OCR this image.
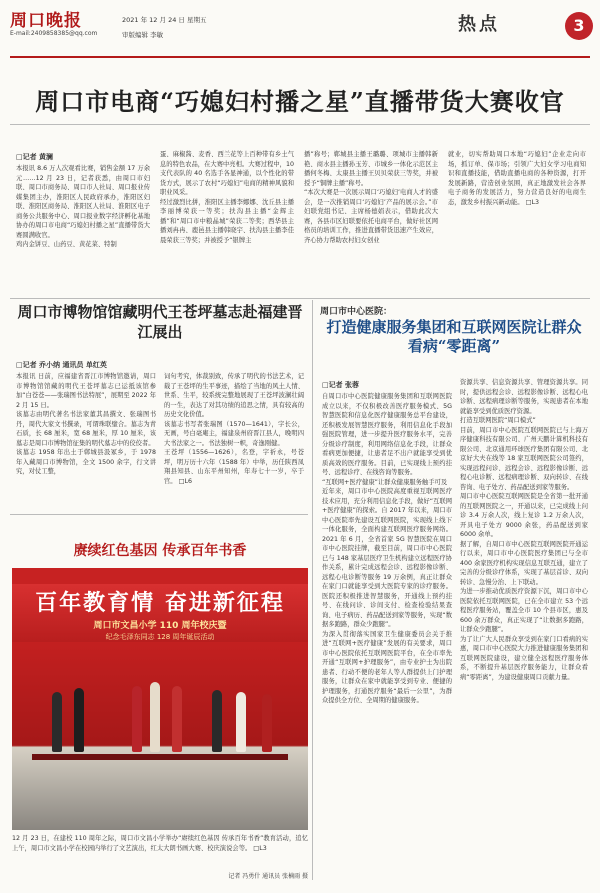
周口晚报
E-mail:2409858385@qq.com
2021 年 12 月 24 日 星期五
审版编辑 李敏	热点	3
周口市电商“巧媳妇村播之星”直播带货大赛收官
□记者 黄澜
本报讯 8.6 万人次观看比赛，销售金额 17 万余元……12 月 23 日，记者获悉，由周口市妇联、周口市商务局、周口市人社局、周口报业传媒集团主办，淮阳区人民政府承办，淮阳区妇联、淮阳区商务局、淮阳区人社局、淮阳区电子商务公共服务中心、周口报业数字经济孵化基地协办的周口市电商“巧媳妇村播之星”直播带货大赛圆满收官。
鸡内金饼豆、山药豆、黄花菜、特制
蛋、麻椒酱、麦香、西兰花等上百种带有乡土气息的特色农品，在大赛中亮相。大赛过程中，10 支代表队的 40 名选手各显神通，以个性化的带货方式，展示了农村“巧媳妇”电商的精神风貌和职业风采。
经过激烈比拼，淮阳区主播李娜娜、沈丘县主播李丽博荣获一等奖；扶沟县主播“金辉主播”和“周口市中粮晶城”荣获二等奖；西华县主播刘冉冉、鹿邑县主播韩晓宇、扶沟县主播李佳晨荣获三等奖；并被授予“银牌主
播”称号；郸城县主播王璐璐、项城市主播韩新艳、商水县主播孙玉芳、市城乡一体化示范区主播何冬梅、太康县主播王贝贝荣获三等奖，并被授予“铜牌主播”称号。
“本次大赛是一次展示周口‘巧媳妇’电商人才的盛会，是一次推销周口‘巧媳妇’产品的展示会。”市妇联党组书记、主席杨德娟表示，借助此次大赛，各县市区妇联要依托电商平台，做好社区网格员的培训工作，推进直播带货迅速产生效应，齐心协力帮助农村妇女创业
就业，切实帮助周口本地“巧媳妇”企业走向市场，抓订单、保市场；引领广大妇女学习电商知识和直播技能，借助直播电商的各种资源，打开发展新路，营造创业氛围，真正地激发社会各界电子商务的发展活力，努力营造良好的电商生态，激发乡村振兴新动能。 □L3
周口市博物馆馆藏明代王苍坪墓志赴福建晋江展出
□记者 乔小纳 通讯员 单红英
本报讯 日前，应福建省晋江市博物馆邀请，周口市博物馆馆藏的明代王苍坪墓志已运抵该馆参加“白苍苍——张瑞图书法特展”，展期至 2022 年 2 月 15 日。
该墓志由明代著名书法家董其昌撰文、张瑞图书丹，周代大家文书撰录，可谓珠联璧合。墓志为青石质，长 68 厘米，宽 68 厘米，厚 10 厘米，该墓志是周口市博物馆征集的明代墓志中的佼佼者。
该墓志 1958 年出土于郸城县汲冢乡，于 1978 年入藏周口市博物馆，全文 1500 余字，行文讲究，对仗工整，
词句考究，体裁别致，传承了明代的书法艺术，记载了王苍坪的生平事迹，描绘了当地的风土人情、世系、生平，较系统完整地展现了王苍坪波澜壮阔的一生，表达了对其功绩的追思之情，具有较高的历史文化价值。
该墓志书写者张瑞图（1570—1641），字长公，无画，号白毫庵主，福建泉州府晋江县人，晚明四大书法家之一。书法独树一帜，奇逸刚健。
王苍坪（1556—1626），名登，字祈永，号苍坪，明万历十六年（1588 年）中举，历任陕西凤翔县知县、山东平州知州，年寿七十一岁，卒于官。 □L6
周口市中心医院：
打造健康服务集团和互联网医院让群众看病“零距离”
□记者 张蓉
自周口市中心医院健康服务集团和互联网医院成立以来，不仅积极改善医疗服务模式、5G 智慧医院和信息化医疗健康服务总平台建设，还积极发展智慧医疗服务，利用信息化手段加强医院管理，进一步提升医疗服务水平，完善分级诊疗制度，利用网络信息化手段，让群众看病更加便捷，让患者足不出户就能享受到优质高效的医疗服务。目前，已实现线上预约挂号、远程诊疗、在线咨询等服务。
“互联网+医疗健康”让群众健康服务触手可及
近年来，周口市中心医院高度重视互联网医疗技术应用，充分利用信息化手段，做好“互联网+医疗健康”的探索。自 2017 年以来，周口市中心医院率先建设互联网医院，实现线上线下一体化服务，全面构建互联网医疗服务网络。2021 年 6 月，全省首家 5G 智慧医院在周口市中心医院挂牌，截至目前，周口市中心医院已与 148 家基层医疗卫生机构建立远程医疗协作关系，累计完成远程会诊、远程影像诊断、远程心电诊断等服务 19 万余例，真正让群众在家门口就能享受到大医院专家的诊疗服务。医院还积极推进智慧服务，开通线上预约挂号、在线问诊、诊间支付、检查检验结果查询、电子病历、药品配送到家等服务，实现“数据多跑路，群众少跑腿”。
为深入贯彻落实国家卫生健康委员会关于推进“互联网+医疗健康”发展的有关要求，周口市中心医院依托互联网医院平台，在全市率先开通“互联网+护理服务”，由专业护士为出院患者、行动不便的老年人等人群提供上门护理服务，让群众在家中就能享受到专业、便捷的护理服务，打通医疗服务“最后一公里”，为群众提供全方位、全周期的健康服务。
资源共享、信息资源共享、管理资源共享。同时，提供远程会诊、远程影像诊断、远程心电诊断、远程病理诊断等服务，实现患者在本地就能享受到优质医疗资源。
打造互联网医院“周口模式”
目前，周口市中心医院互联网医院已与上海万序健康科技有限公司、广州天鹏计算机科技有限公司、北京通用环球医疗集团有限公司、北京好大夫在线等 18 家互联网医院公司签约，实现远程问诊、远程会诊、远程影像诊断、远程心电诊断、远程病理诊断、双向转诊、在线咨询、电子处方、药品配送到家等服务。
周口市中心医院互联网医院是全省第一批开通的互联网医院之一，开通以来，已完成线上问诊 3.4 万余人次，线上复诊 1.2 万余人次，开具电子处方 9000 余张，药品配送到家 6000 余单。
据了解，自周口市中心医院互联网医院开通运行以来，周口市中心医院医疗集团已与全市 400 余家医疗机构实现信息互联互通，建立了完善的分级诊疗体系，实现了基层首诊、双向转诊、急慢分治、上下联动。
为进一步推动优质医疗资源下沉，周口市中心医院依托互联网医院，已在全市建立 53 个远程医疗服务站，覆盖全市 10 个县市区，惠及 600 余万群众，真正实现了“让数据多跑路，让群众少跑腿”。
为了让广大人民群众享受到在家门口看病的实惠，周口市中心医院大力推进健康服务集团和互联网医院建设，建立健全远程医疗服务体系，不断提升基层医疗服务能力，让群众看病“零距离”，为建设健康周口贡献力量。
赓续红色基因 传承百年书香
百年教育情 奋进新征程
周口市文昌小学 110 周年校庆暨
纪念毛泽东同志 128 周年诞辰活动
12 月 23 日，在建校 110 周年之际，周口市文昌小学举办“赓续红色基因 传承百年书香”教育活动，追忆上午，周口市文昌小学在校园内举行了文艺演出，红太大朗书画大赛、校庆演说会等。 □L3
记者 冯勇什 通讯员 张楠雨 摄
